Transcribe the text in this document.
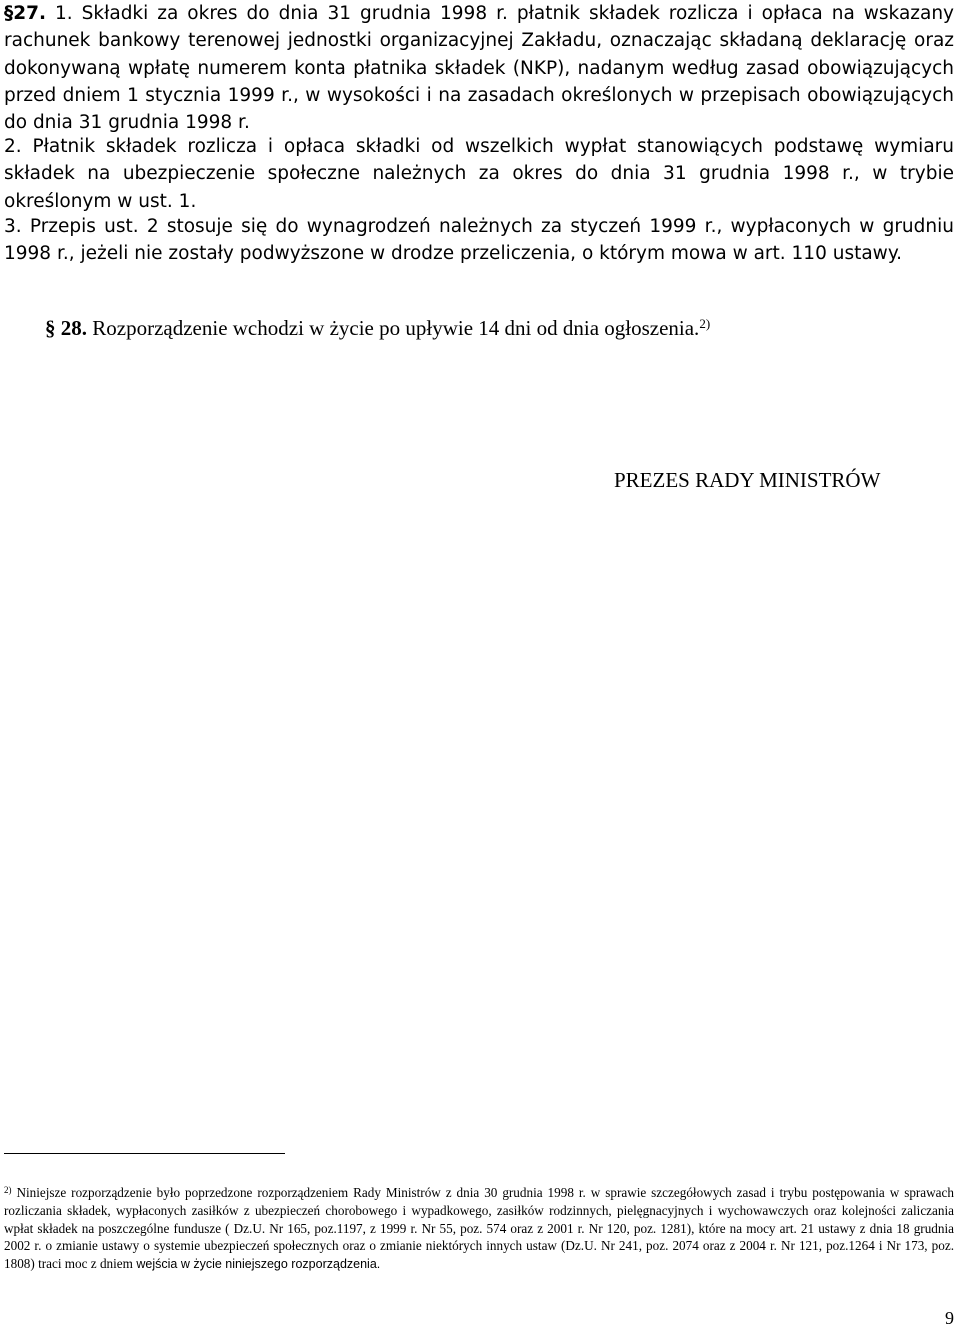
§27. 1. Składki za okres do dnia 31 grudnia 1998 r. płatnik składek rozlicza i opłaca na wskazany rachunek bankowy terenowej jednostki organizacyjnej Zakładu, oznaczając składaną deklarację oraz dokonywaną wpłatę numerem konta płatnika składek (NKP), nadanym według zasad obowiązujących przed dniem 1 stycznia 1999 r., w wysokości i na zasadach określonych w przepisach obowiązujących do dnia 31 grudnia 1998 r.

2. Płatnik składek rozlicza i opłaca składki od wszelkich wypłat stanowiących podstawę wymiaru składek na ubezpieczenie społeczne należnych za okres do dnia 31 grudnia 1998 r., w trybie określonym w ust. 1.

3. Przepis ust. 2 stosuje się do wynagrodzeń należnych za styczeń 1999 r., wypłaconych w grudniu 1998 r., jeżeli nie zostały podwyższone w drodze przeliczenia, o którym mowa w art. 110 ustawy.

§ 28. Rozporządzenie wchodzi w życie po upływie 14 dni od dnia ogłoszenia.$^{2)}$
PREZES RADY MINISTRÓW

$^{2)}$ Niniejsze rozporządzenie było poprzedzone rozporządzeniem Rady Ministrów z dnia 30 grudnia 1998 r. w sprawie szczegółowych zasad i trybu postępowania w sprawach rozliczania składek, wypłaconych zasiłków z ubezpieczeń chorobowego i wypadkowego, zasiłków rodzinnych, pielęgnacyjnych i wychowawczych oraz kolejności zaliczania wpłat składek na poszczególne fundusze ( Dz.U. Nr 165, poz.1197, z 1999 r. Nr 55, poz. 574 oraz z 2001 r. Nr 120, poz. 1281), które na mocy art. 21 ustawy z dnia 18 grudnia 2002 r. o zmianie ustawy o systemie ubezpieczeń społecznych oraz o zmianie niektórych innych ustaw (Dz.U. Nr 241, poz. 2074 oraz z 2004 r. Nr 121, poz.1264 i Nr 173, poz. 1808) traci moc z dniem wejścia w życie niniejszego rozporządzenia.

9
